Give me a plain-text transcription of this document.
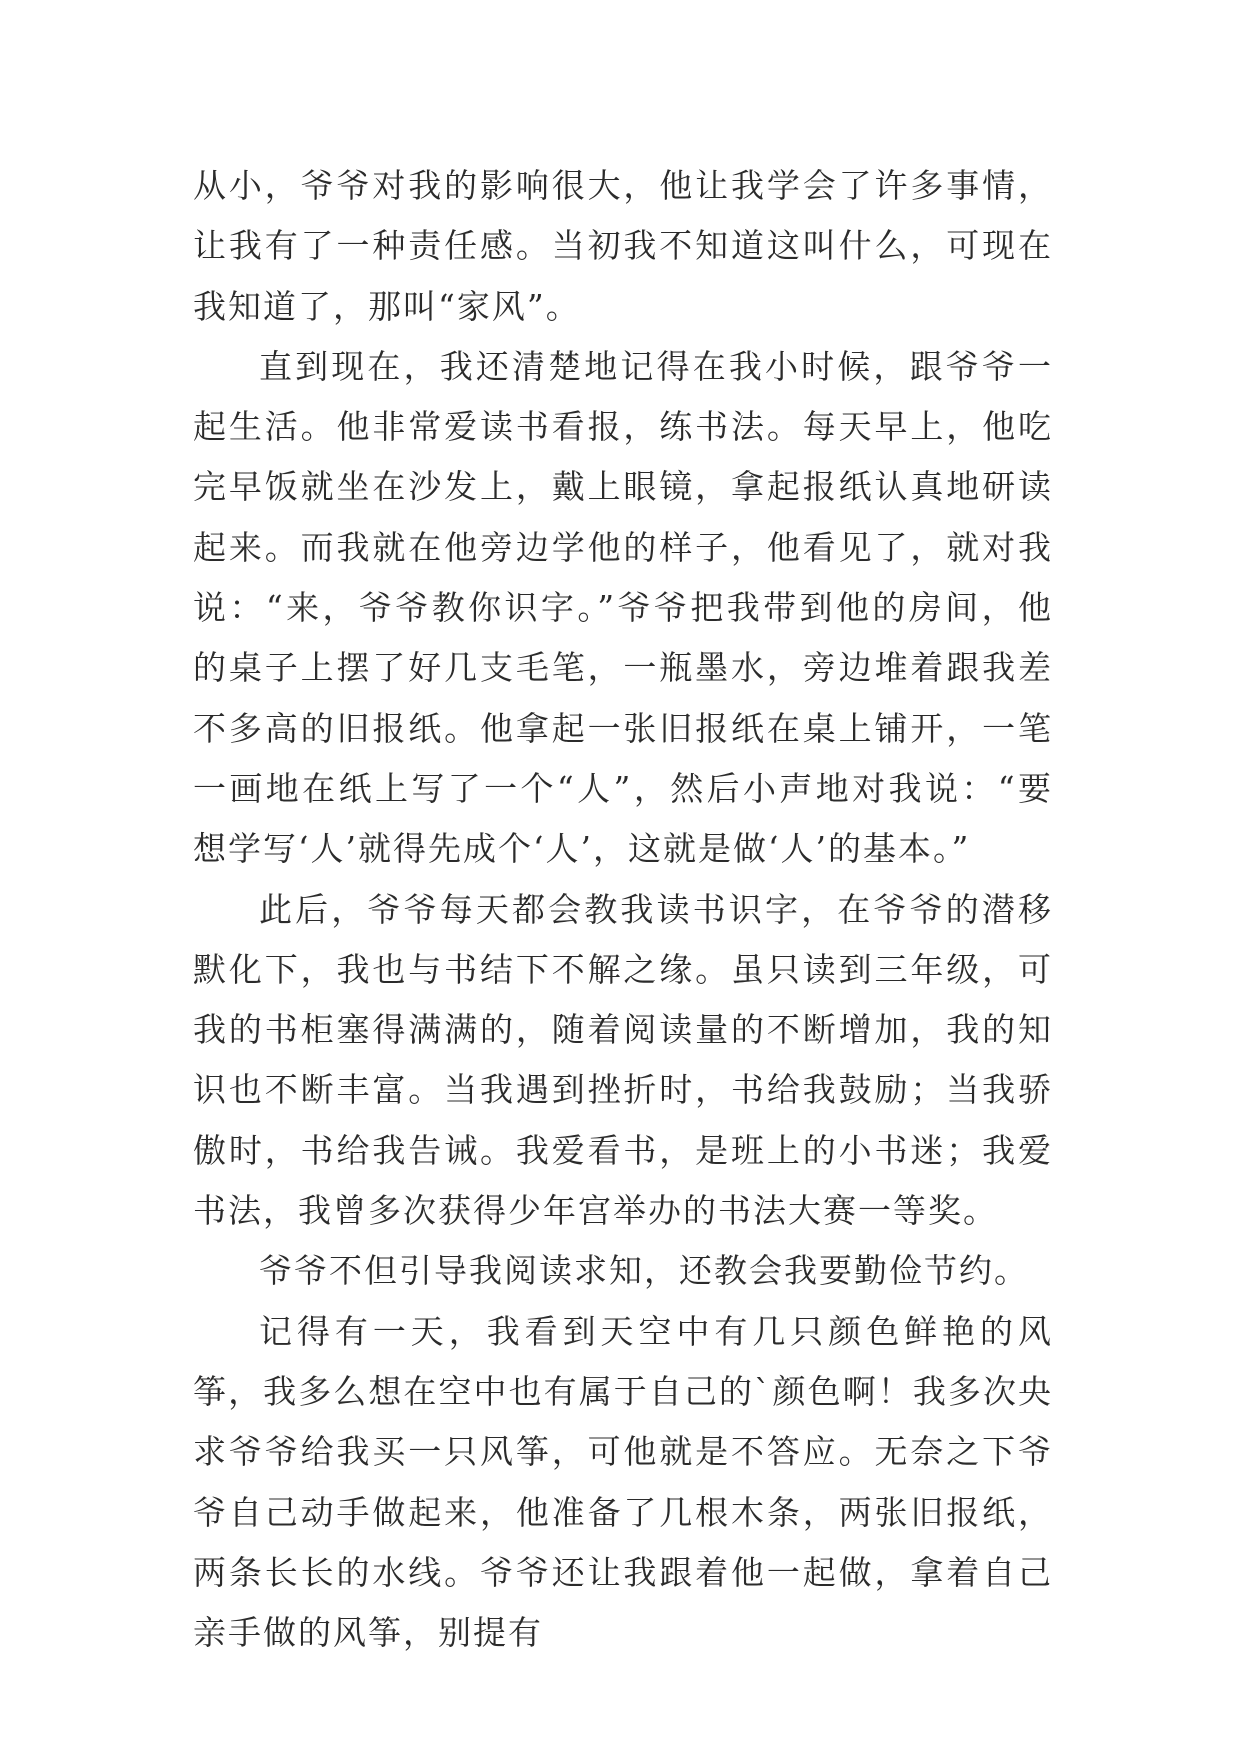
从小，爷爷对我的影响很大，他让我学会了许多事情，让我有了一种责任感。当初我不知道这叫什么，可现在我知道了，那叫“家风”。

直到现在，我还清楚地记得在我小时候，跟爷爷一起生活。他非常爱读书看报，练书法。每天早上，他吃完早饭就坐在沙发上，戴上眼镜，拿起报纸认真地研读起来。而我就在他旁边学他的样子，他看见了，就对我说：“来，爷爷教你识字。”爷爷把我带到他的房间，他的桌子上摆了好几支毛笔，一瓶墨水，旁边堆着跟我差不多高的旧报纸。他拿起一张旧报纸在桌上铺开，一笔一画地在纸上写了一个“人”，然后小声地对我说：“要想学写‘人’就得先成个‘人’，这就是做‘人’的基本。”

此后，爷爷每天都会教我读书识字，在爷爷的潜移默化下，我也与书结下不解之缘。虽只读到三年级，可我的书柜塞得满满的，随着阅读量的不断增加，我的知识也不断丰富。当我遇到挫折时，书给我鼓励；当我骄傲时，书给我告诫。我爱看书，是班上的小书迷；我爱书法，我曾多次获得少年宫举办的书法大赛一等奖。

爷爷不但引导我阅读求知，还教会我要勤俭节约。

记得有一天，我看到天空中有几只颜色鲜艳的风筝，我多么想在空中也有属于自己的`颜色啊！我多次央求爷爷给我买一只风筝，可他就是不答应。无奈之下爷爷自己动手做起来，他准备了几根木条，两张旧报纸，两条长长的水线。爷爷还让我跟着他一起做，拿着自己亲手做的风筝，别提有
